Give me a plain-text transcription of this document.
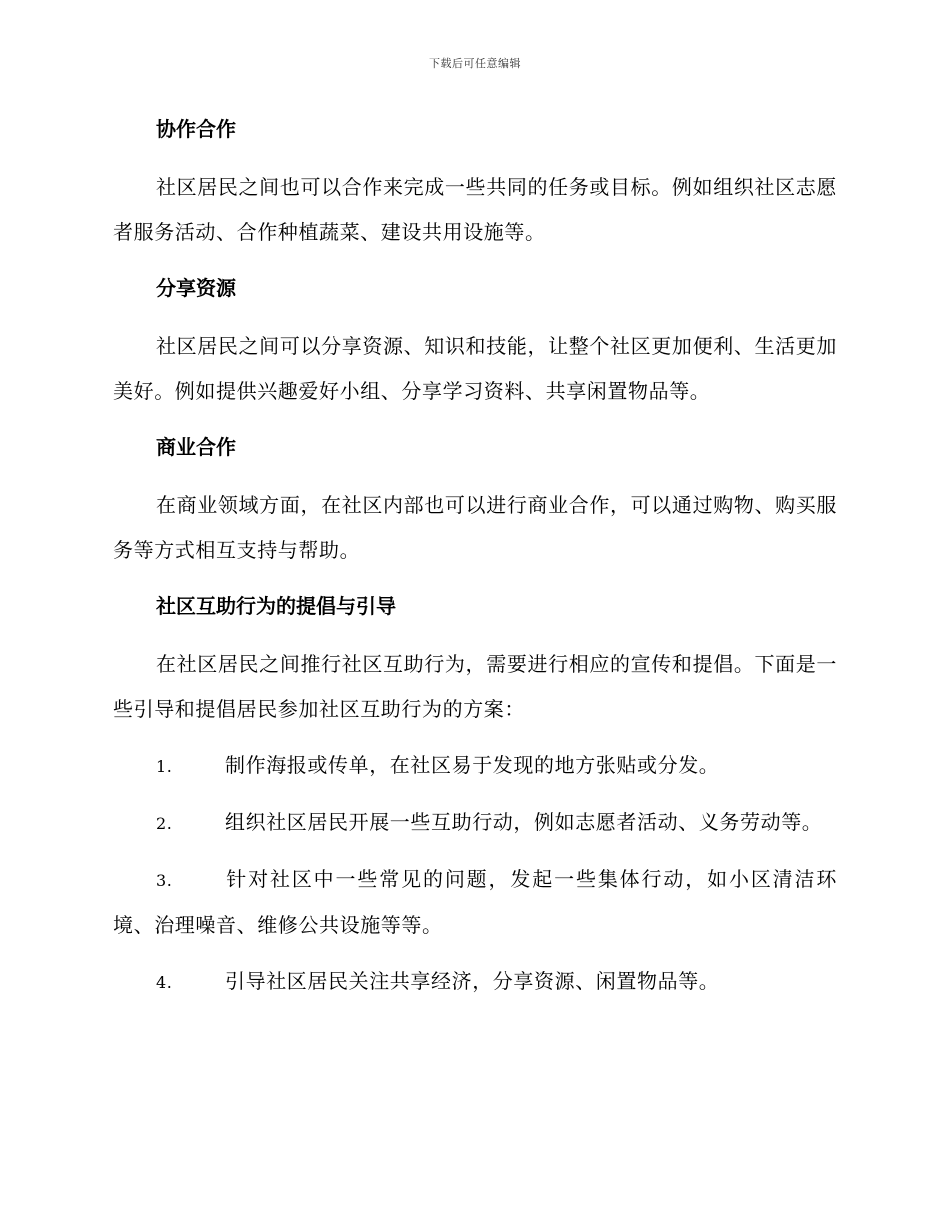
下载后可任意编辑

协作合作

社区居民之间也可以合作来完成一些共同的任务或目标。例如组织社区志愿者服务活动、合作种植蔬菜、建设共用设施等。

分享资源

社区居民之间可以分享资源、知识和技能，让整个社区更加便利、生活更加美好。例如提供兴趣爱好小组、分享学习资料、共享闲置物品等。

商业合作

在商业领域方面，在社区内部也可以进行商业合作，可以通过购物、购买服务等方式相互支持与帮助。

社区互助行为的提倡与引导

在社区居民之间推行社区互助行为，需要进行相应的宣传和提倡。下面是一些引导和提倡居民参加社区互助行为的方案：

1.	制作海报或传单，在社区易于发现的地方张贴或分发。

2.	组织社区居民开展一些互助行动，例如志愿者活动、义务劳动等。

3.	针对社区中一些常见的问题，发起一些集体行动，如小区清洁环境、治理噪音、维修公共设施等等。

4.	引导社区居民关注共享经济，分享资源、闲置物品等。
